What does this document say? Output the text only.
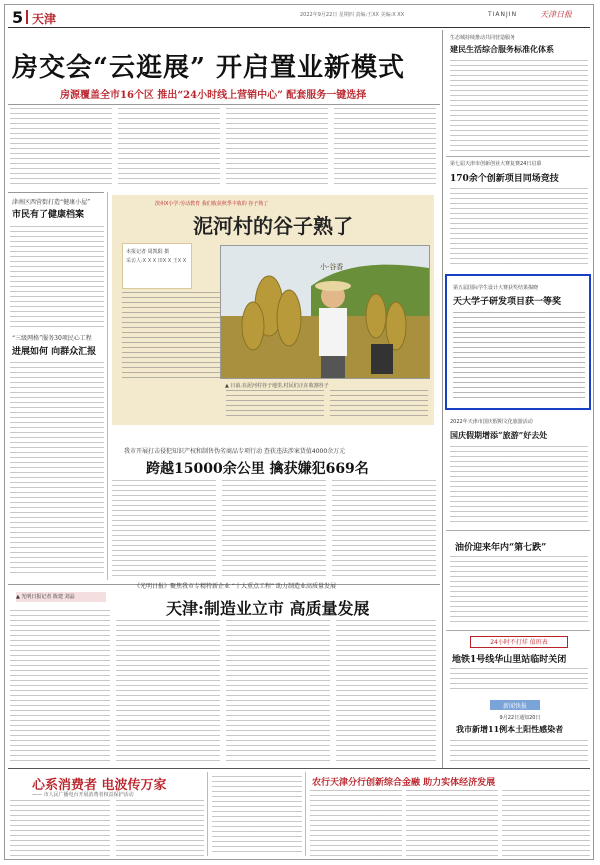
5 天津	2022年9月22日 星期四 责编:王XX 美编:X XX	TIANJIN	天津日报
房交会“云逛展” 开启置业新模式
房源覆盖全市16个区 推出“24小时线上营销中心” 配套服务一键选择
津南区西营街打造“健康小屋”
市民有了健康档案
“三级网格”服务30项民心工程
进展如何 向群众汇报
滨州X小学:劳动教育 我们收获秋季丰收的 谷子熟了
泥河村的谷子熟了
本报记者 周凯阳 摄
采访人:X X X 田X X 王X X
小·谷香
▲ 日前,在泥河村谷子地里,村民们正在收割谷子
我市开展打击侵犯知识产权和制售伪劣商品专项行动 查获违法涉案货值4000余万元
跨越15000余公里 擒获嫌犯669名
▲ 光明日报记者 陈建 刘晶
《光明日报》聚焦我市专精特新企业 “十大重点工程” 助力制造业高质量发展
天津:制造业立市 高质量发展
心系消费者 电波传万家
—— 市人民广播电台开展消费者权益保护活动
农行天津分行创新综合金融 助力实体经济发展
生态城持续推动共同营造服务
建民生活综合服务标准化体系
第七届天津市创新创业大赛复赛24日启幕
170余个创新项目同场竞技
第五届国际学生设计大赛获奖结果揭晓
天大学子研发项目获一等奖
2022年天津市国庆假期文化旅游活动
国庆假期增添“旅游”好去处
油价迎来年内“第七跌”
24小时不打烊 值班表
地铁1号线华山里站临时关闭
新闻快报
9月22日通知20日
我市新增11例本土阳性感染者
